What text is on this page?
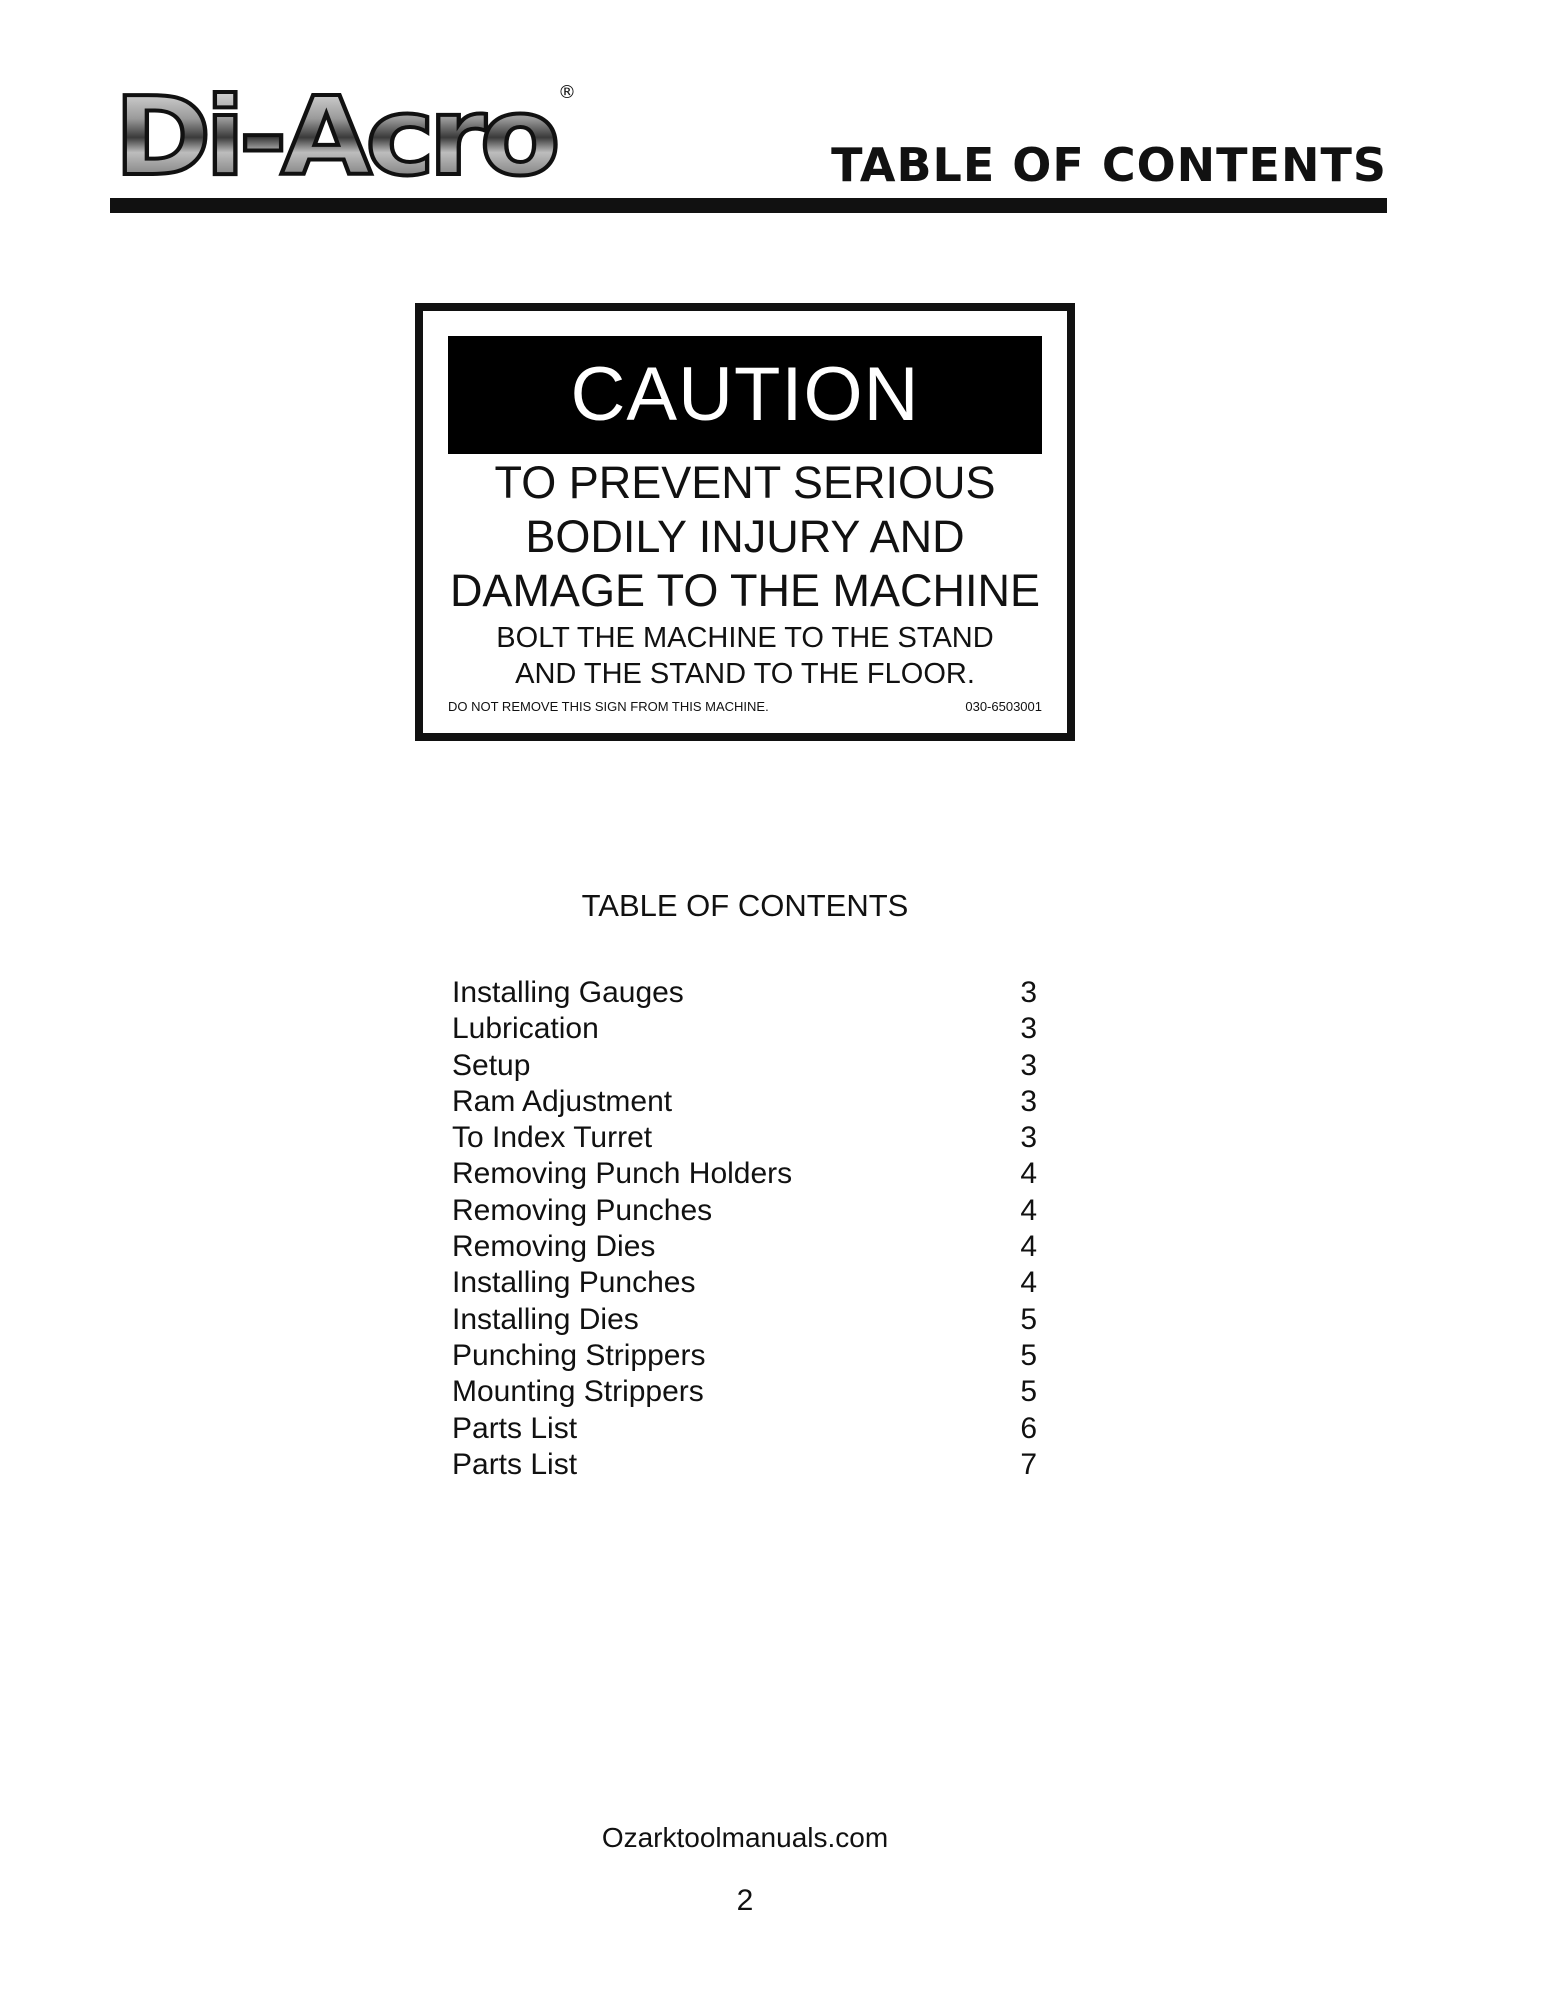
Di-Acro ®
TABLE OF CONTENTS
CAUTION
TO PREVENT SERIOUS
BODILY INJURY AND
DAMAGE TO THE MACHINE
BOLT THE MACHINE TO THE STAND
AND THE STAND TO THE FLOOR.
DO NOT REMOVE THIS SIGN FROM THIS MACHINE.	030-6503001
TABLE OF CONTENTS
Installing Gauges	3
Lubrication	3
Setup	3
Ram Adjustment	3
To Index Turret	3
Removing Punch Holders	4
Removing Punches	4
Removing Dies	4
Installing Punches	4
Installing Dies	5
Punching Strippers	5
Mounting Strippers	5
Parts List	6
Parts List	7
Ozarktoolmanuals.com
2
